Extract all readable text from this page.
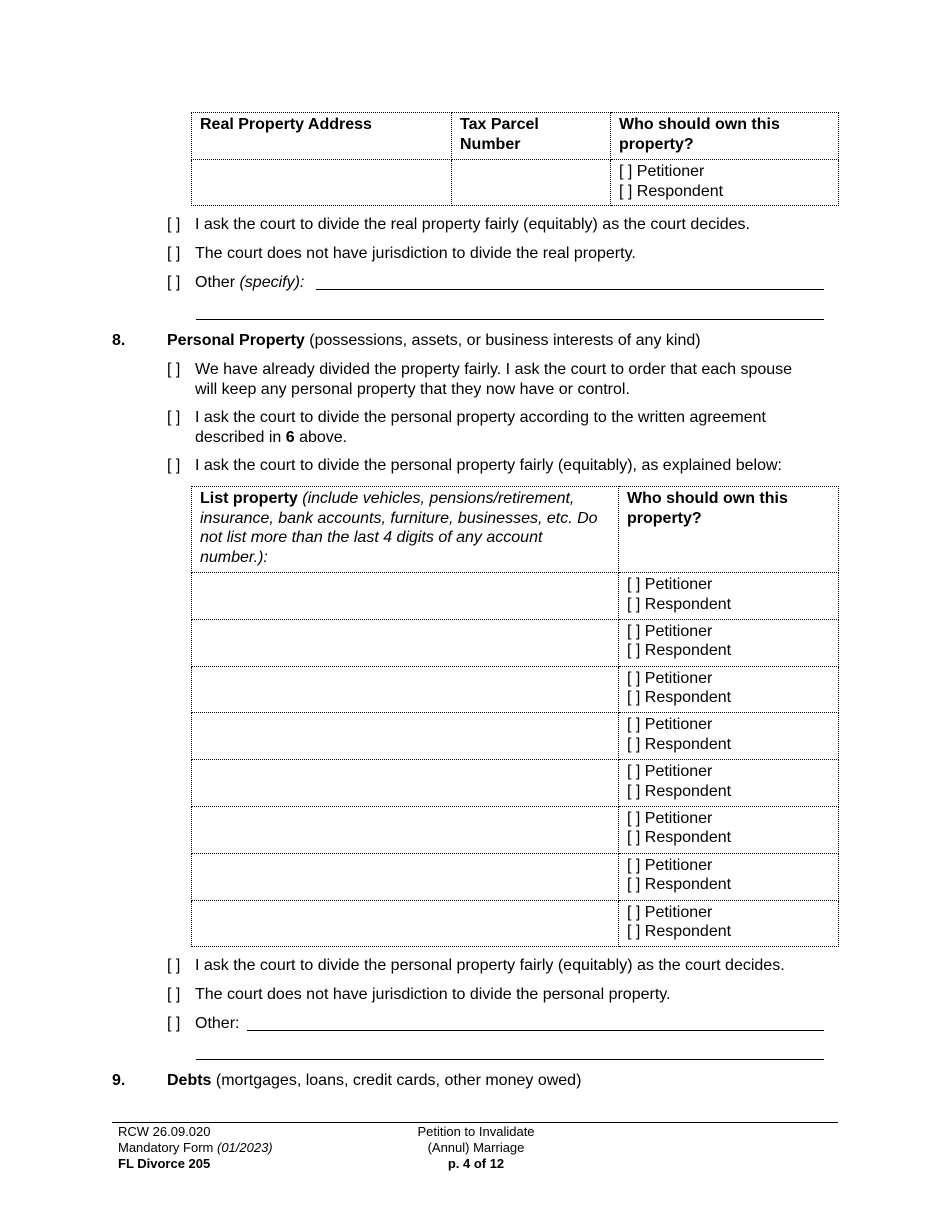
Real Property Address	Tax Parcel Number	Who should own this property?

		[ ] Petitioner
[ ] Respondent
[ ] I ask the court to divide the real property fairly (equitably) as the court decides.
[ ] The court does not have jurisdiction to divide the real property.
[ ] Other (specify):
8.	Personal Property (possessions, assets, or business interests of any kind)
[ ] We have already divided the property fairly. I ask the court to order that each spouse
will keep any personal property that they now have or control.
[ ] I ask the court to divide the personal property according to the written agreement
described in 6 above.
[ ] I ask the court to divide the personal property fairly (equitably), as explained below:
List property (include vehicles, pensions/retirement, insurance, bank accounts, furniture, businesses, etc. Do not list more than the last 4 digits of any account number.):	Who should own this property?

	[ ] Petitioner
[ ] Respondent

	[ ] Petitioner
[ ] Respondent

	[ ] Petitioner
[ ] Respondent

	[ ] Petitioner
[ ] Respondent

	[ ] Petitioner
[ ] Respondent

	[ ] Petitioner
[ ] Respondent

	[ ] Petitioner
[ ] Respondent

	[ ] Petitioner
[ ] Respondent
[ ] I ask the court to divide the personal property fairly (equitably) as the court decides.
[ ] The court does not have jurisdiction to divide the personal property.
[ ] Other:
9.	Debts (mortgages, loans, credit cards, other money owed)
RCW 26.09.020
Mandatory Form (01/2023)
FL Divorce 205
Petition to Invalidate
(Annul) Marriage
p. 4 of 12
